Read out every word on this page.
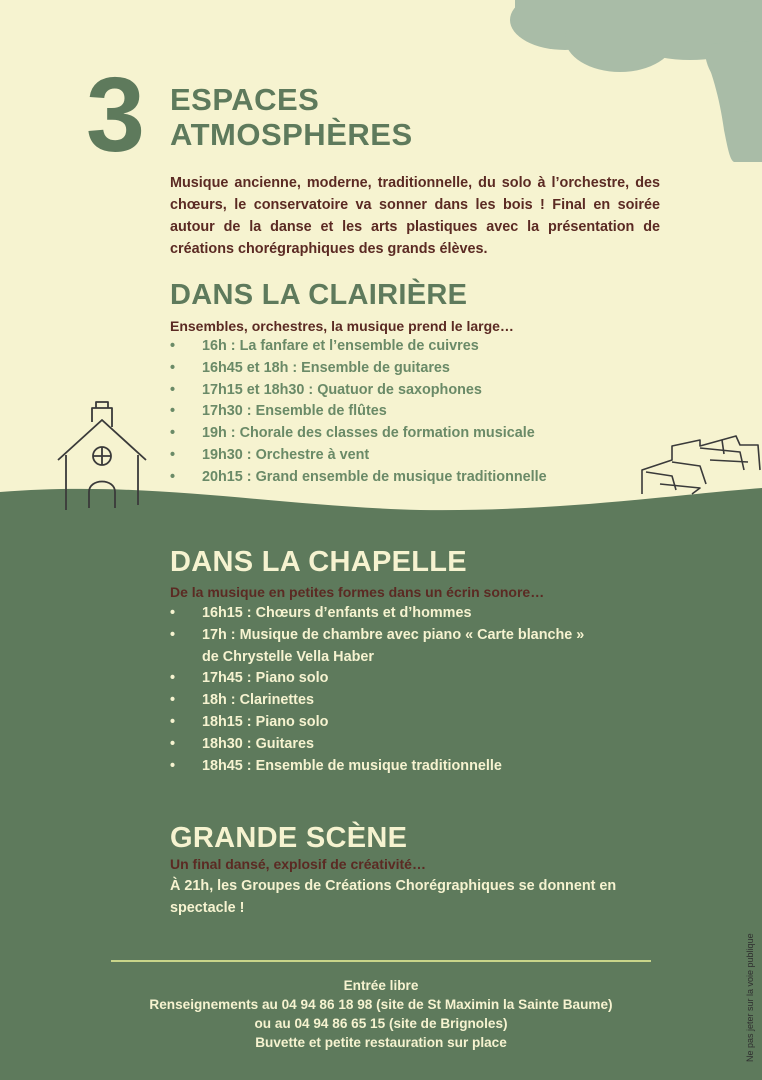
3 ESPACES
ATMOSPHÈRES
Musique ancienne, moderne, traditionnelle, du solo à l’orchestre, des chœurs, le conservatoire va sonner dans les bois ! Final en soirée autour de la danse et les arts plastiques avec la présentation de créations chorégraphiques des grands élèves.
DANS LA CLAIRIÈRE
Ensembles, orchestres, la musique prend le large…
• 16h : La fanfare et l’ensemble de cuivres
• 16h45 et 18h : Ensemble de guitares
• 17h15 et 18h30 : Quatuor de saxophones
• 17h30 : Ensemble de flûtes
• 19h : Chorale des classes de formation musicale
• 19h30 : Orchestre à vent
• 20h15 : Grand ensemble de musique traditionnelle
DANS LA CHAPELLE
De la musique en petites formes dans un écrin sonore…
• 16h15 : Chœurs d’enfants et d’hommes
• 17h : Musique de chambre avec piano « Carte blanche »
de Chrystelle Vella Haber
• 17h45 : Piano solo
• 18h : Clarinettes
• 18h15 : Piano solo
• 18h30 : Guitares
• 18h45 : Ensemble de musique traditionnelle
GRANDE SCÈNE
Un final dansé, explosif de créativité…
À 21h, les Groupes de Créations Chorégraphiques se donnent en spectacle !
Entrée libre
Renseignements au 04 94 86 18 98 (site de St Maximin la Sainte Baume)
ou au 04 94 86 65 15 (site de Brignoles)
Buvette et petite restauration sur place	Ne pas jeter sur la voie publique
